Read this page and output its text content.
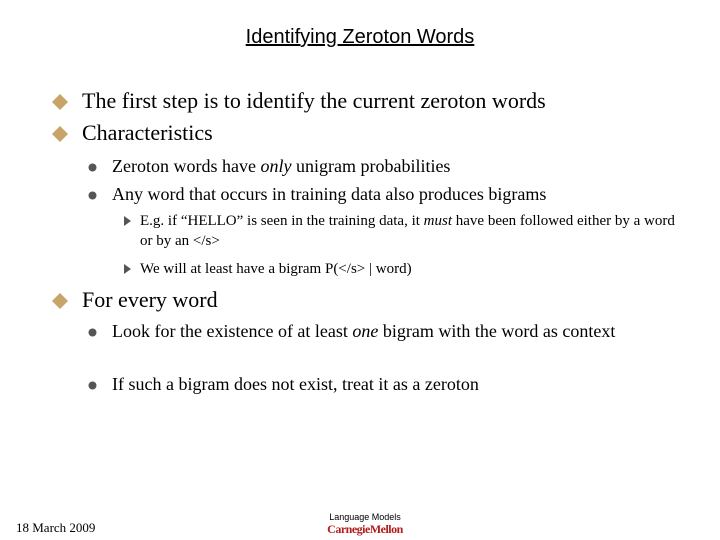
Identifying Zeroton Words
The first step is to identify the current zeroton words
Characteristics
Zeroton words have only unigram probabilities
Any word that occurs in training data also produces bigrams
E.g. if “HELLO” is seen in the training data, it must have been followed either by a word or by an </s>
We will at least have a bigram P(</s> | word)
For every word
Look for the existence of at least one bigram with the word as context
If such a bigram does not exist, treat it as a zeroton
18 March 2009
Language Models
CarnegieMellon
